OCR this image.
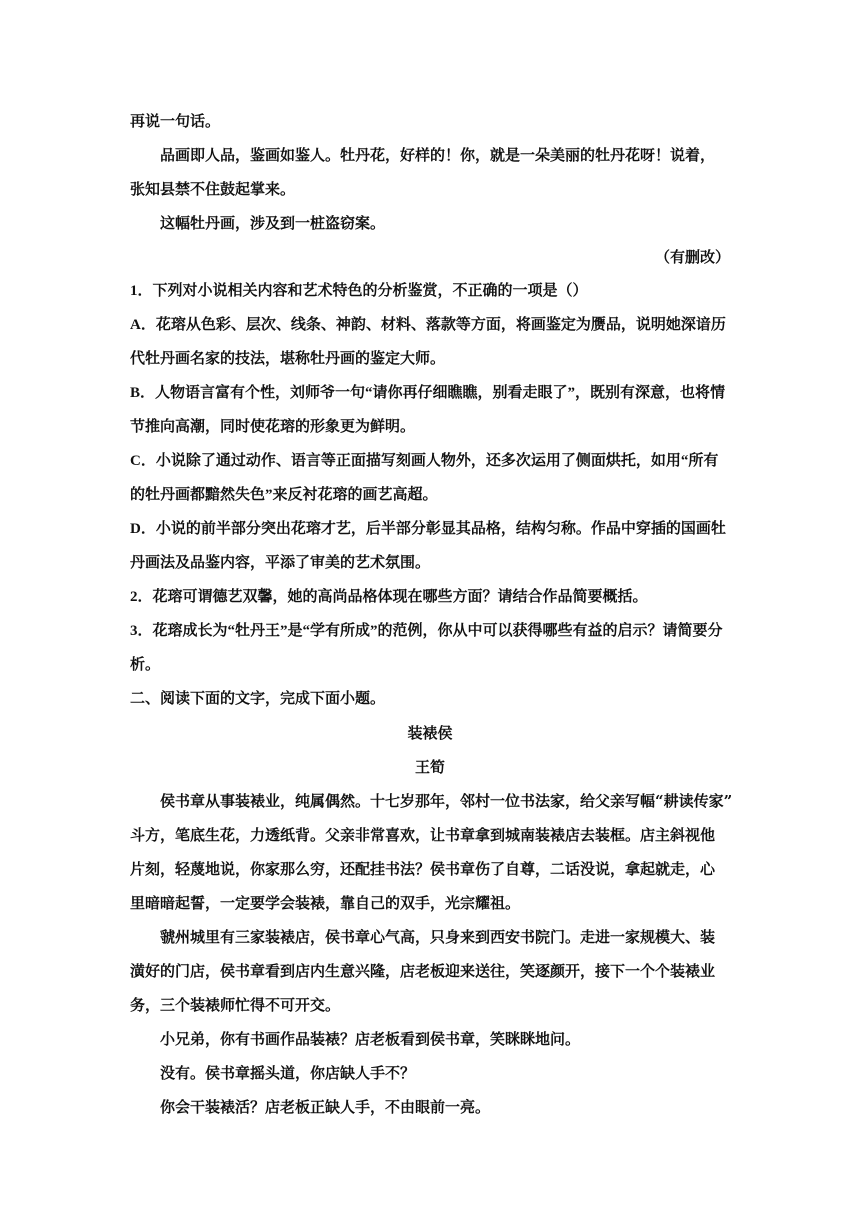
再说一句话。
品画即人品，鉴画如鉴人。牡丹花，好样的！你，就是一朵美丽的牡丹花呀！说着，
张知县禁不住鼓起掌来。
这幅牡丹画，涉及到一桩盗窃案。
（有删改）
1．下列对小说相关内容和艺术特色的分析鉴赏，不正确的一项是（）
A．花瑢从色彩、层次、线条、神韵、材料、落款等方面，将画鉴定为赝品，说明她深谙历
代牡丹画名家的技法，堪称牡丹画的鉴定大师。
B．人物语言富有个性，刘师爷一句“请你再仔细瞧瞧，别看走眼了”，既别有深意，也将情
节推向高潮，同时使花瑢的形象更为鲜明。
C．小说除了通过动作、语言等正面描写刻画人物外，还多次运用了侧面烘托，如用“所有
的牡丹画都黯然失色”来反衬花瑢的画艺高超。
D．小说的前半部分突出花瑢才艺，后半部分彰显其品格，结构匀称。作品中穿插的国画牡
丹画法及品鉴内容，平添了审美的艺术氛围。
2．花瑢可谓德艺双馨，她的高尚品格体现在哪些方面？请结合作品简要概括。
3．花瑢成长为“牡丹王”是“学有所成”的范例，你从中可以获得哪些有益的启示？请简要分
析。
二、阅读下面的文字，完成下面小题。
装裱侯
王筍
侯书章从事装裱业，纯属偶然。十七岁那年，邻村一位书法家，给父亲写幅“耕读传家”
斗方，笔底生花，力透纸背。父亲非常喜欢，让书章拿到城南装裱店去装框。店主斜视他
片刻，轻蔑地说，你家那么穷，还配挂书法？侯书章伤了自尊，二话没说，拿起就走，心
里暗暗起誓，一定要学会装裱，靠自己的双手，光宗耀祖。
虢州城里有三家装裱店，侯书章心气高，只身来到西安书院门。走进一家规模大、装
潢好的门店，侯书章看到店内生意兴隆，店老板迎来送往，笑逐颜开，接下一个个装裱业
务，三个装裱师忙得不可开交。
小兄弟，你有书画作品装裱？店老板看到侯书章，笑眯眯地问。
没有。侯书章摇头道，你店缺人手不？
你会干装裱活？店老板正缺人手，不由眼前一亮。
